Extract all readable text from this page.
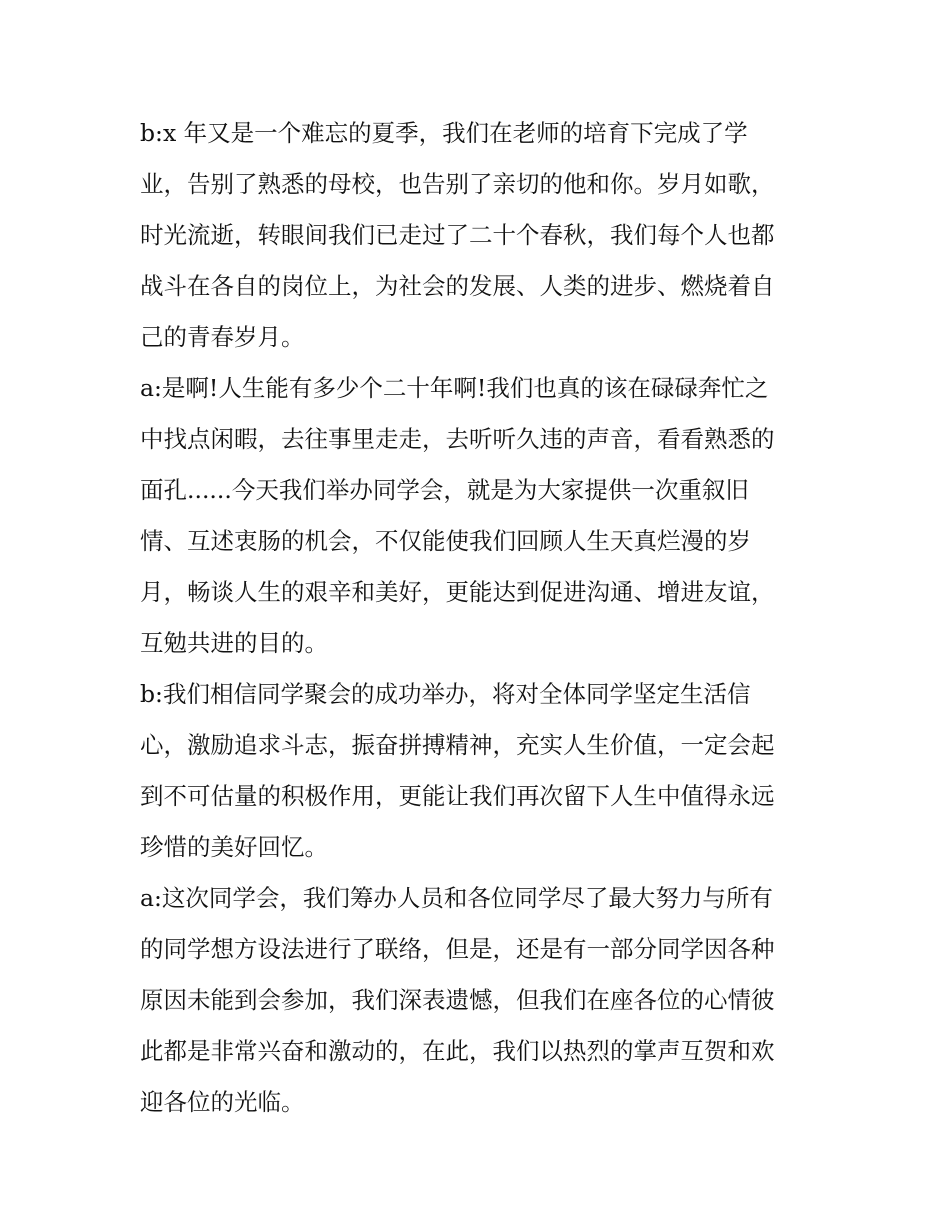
b:x 年又是一个难忘的夏季，我们在老师的培育下完成了学
业，告别了熟悉的母校，也告别了亲切的他和你。岁月如歌，
时光流逝，转眼间我们已走过了二十个春秋，我们每个人也都
战斗在各自的岗位上，为社会的发展、人类的进步、燃烧着自
己的青春岁月。
a:是啊!人生能有多少个二十年啊!我们也真的该在碌碌奔忙之
中找点闲暇，去往事里走走，去听听久违的声音，看看熟悉的
面孔......今天我们举办同学会，就是为大家提供一次重叙旧
情、互述衷肠的机会，不仅能使我们回顾人生天真烂漫的岁
月，畅谈人生的艰辛和美好，更能达到促进沟通、增进友谊，
互勉共进的目的。
b:我们相信同学聚会的成功举办，将对全体同学坚定生活信
心，激励追求斗志，振奋拼搏精神，充实人生价值，一定会起
到不可估量的积极作用，更能让我们再次留下人生中值得永远
珍惜的美好回忆。
a:这次同学会，我们筹办人员和各位同学尽了最大努力与所有
的同学想方设法进行了联络，但是，还是有一部分同学因各种
原因未能到会参加，我们深表遗憾，但我们在座各位的心情彼
此都是非常兴奋和激动的，在此，我们以热烈的掌声互贺和欢
迎各位的光临。
